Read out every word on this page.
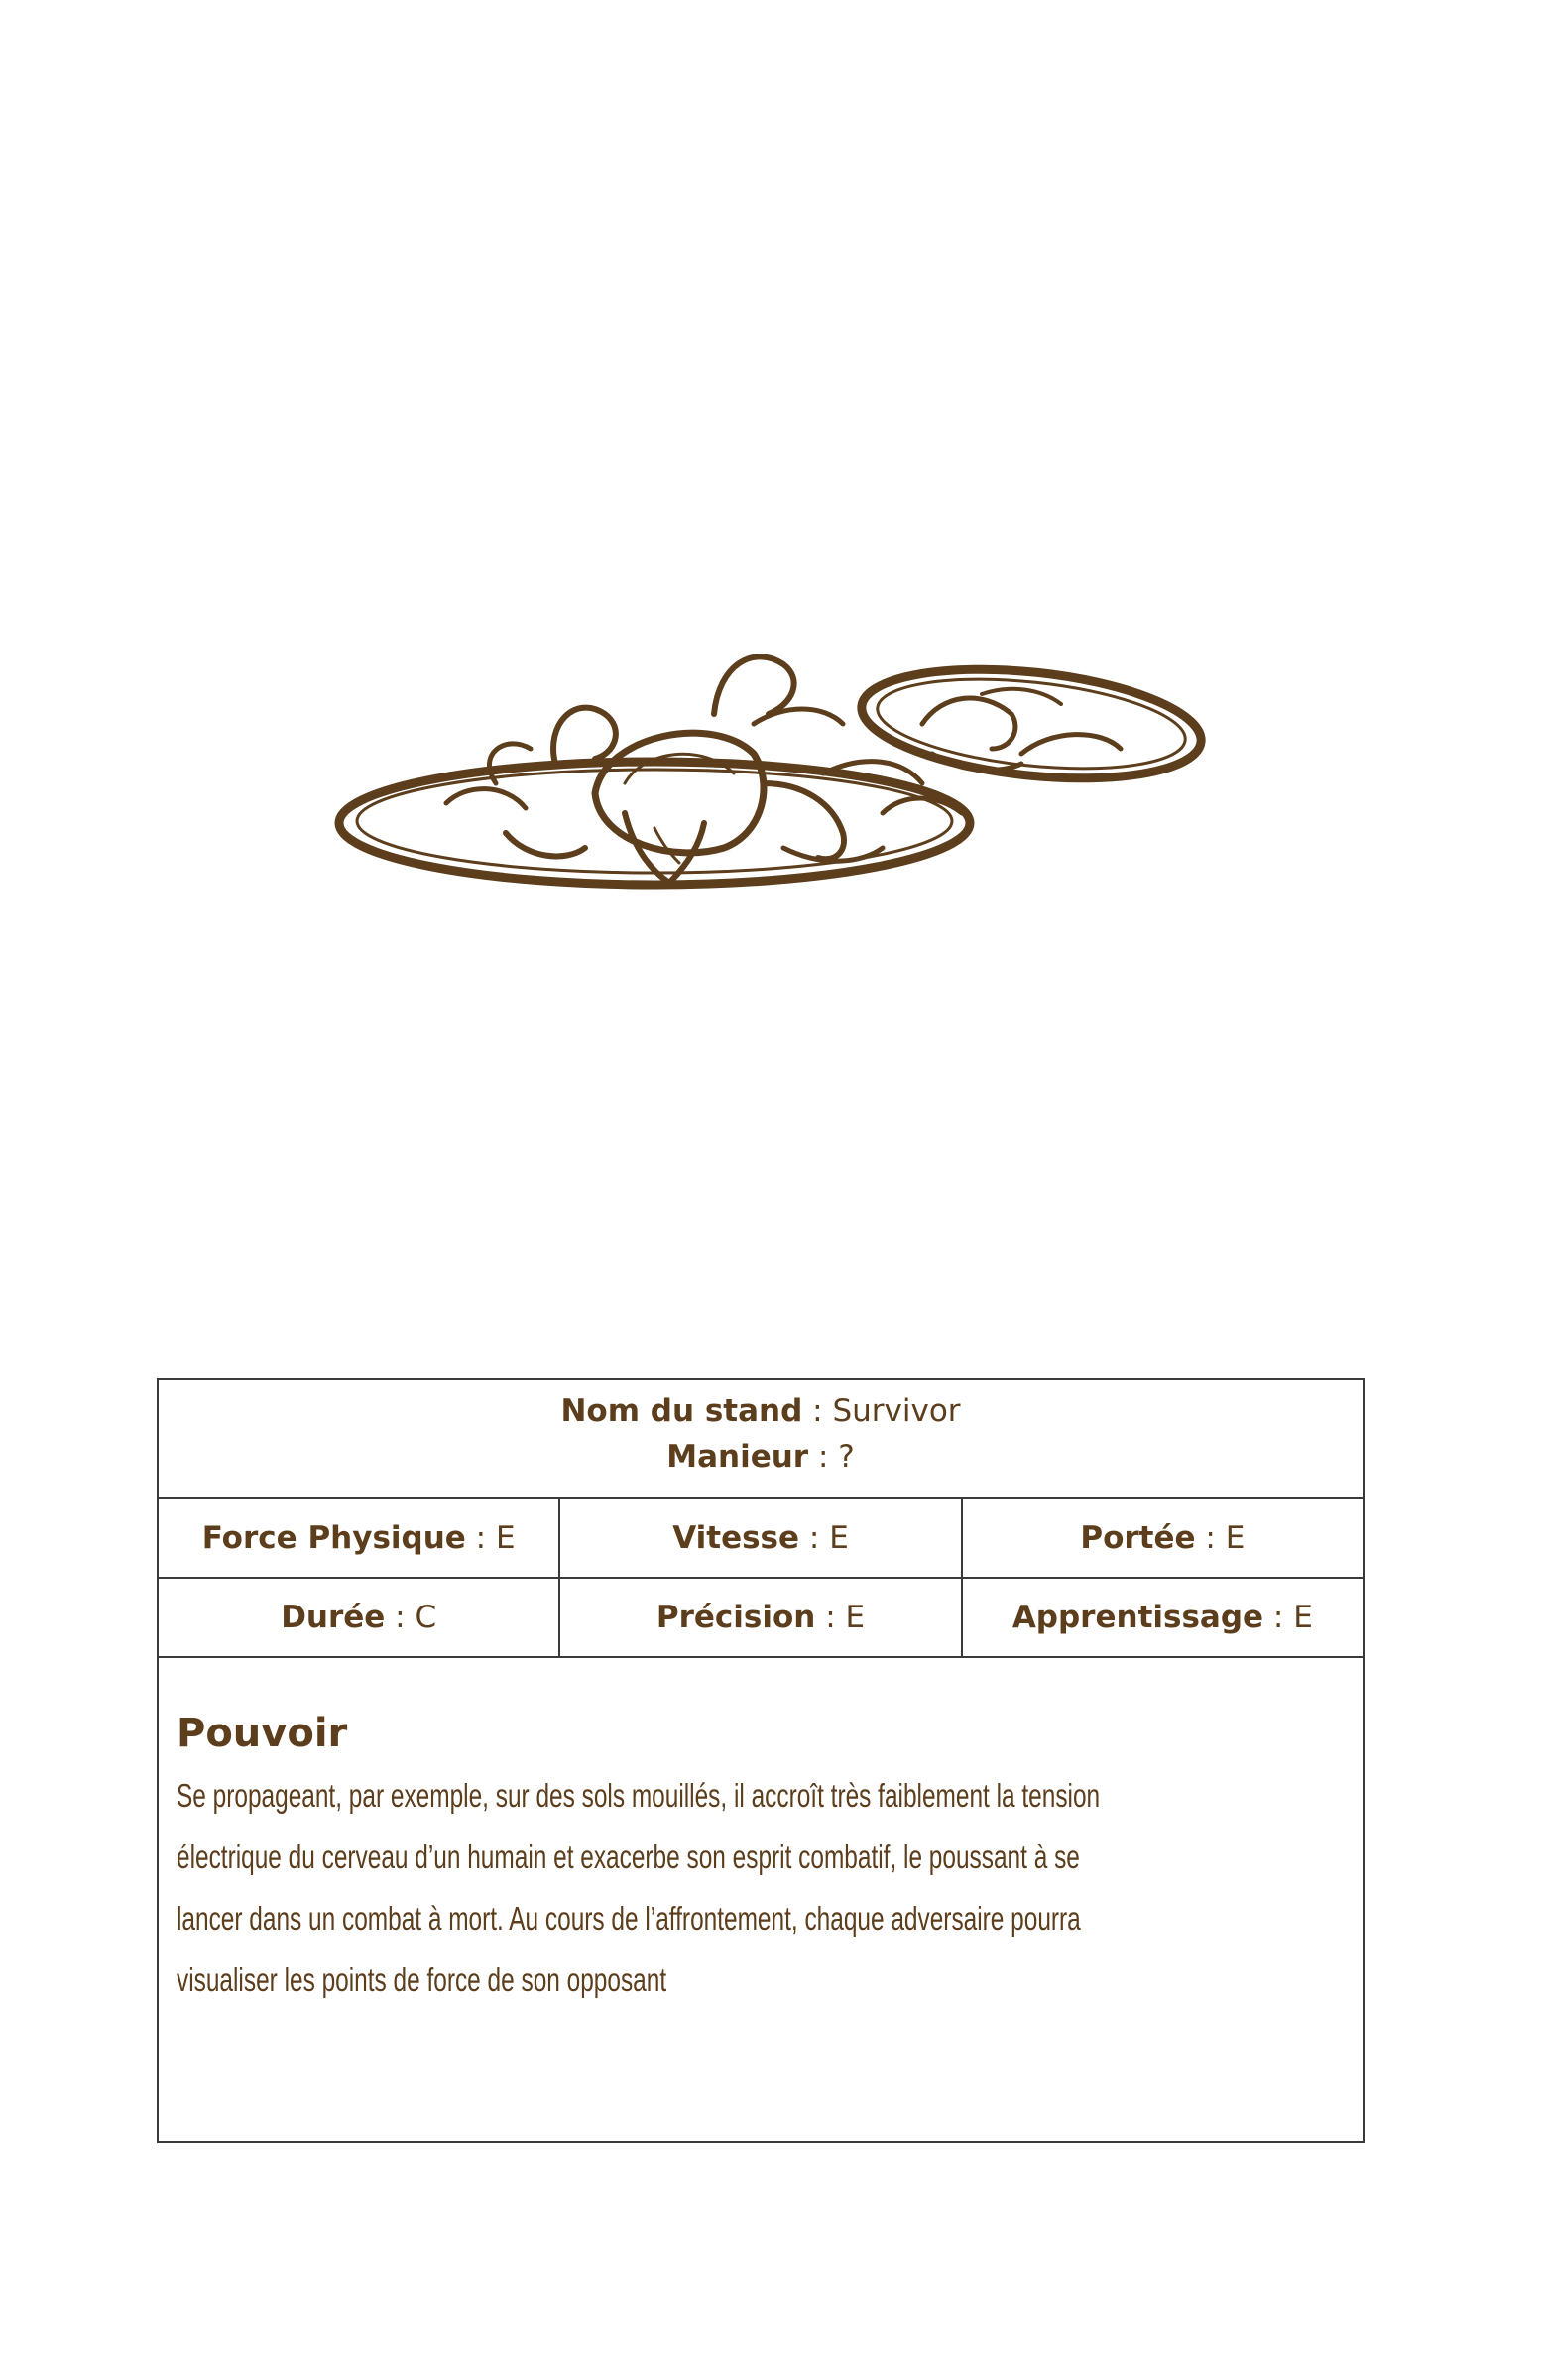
Nom du stand : Survivor
Manieur : ?
Force Physique : E	Vitesse : E	Portée : E
Durée : C	Précision : E	Apprentissage : E
Pouvoir
Se propageant, par exemple, sur des sols mouillés, il accroît très faiblement la tension
électrique du cerveau d’un humain et exacerbe son esprit combatif, le poussant à se
lancer dans un combat à mort. Au cours de l’affrontement, chaque adversaire pourra
visualiser les points de force de son opposant
